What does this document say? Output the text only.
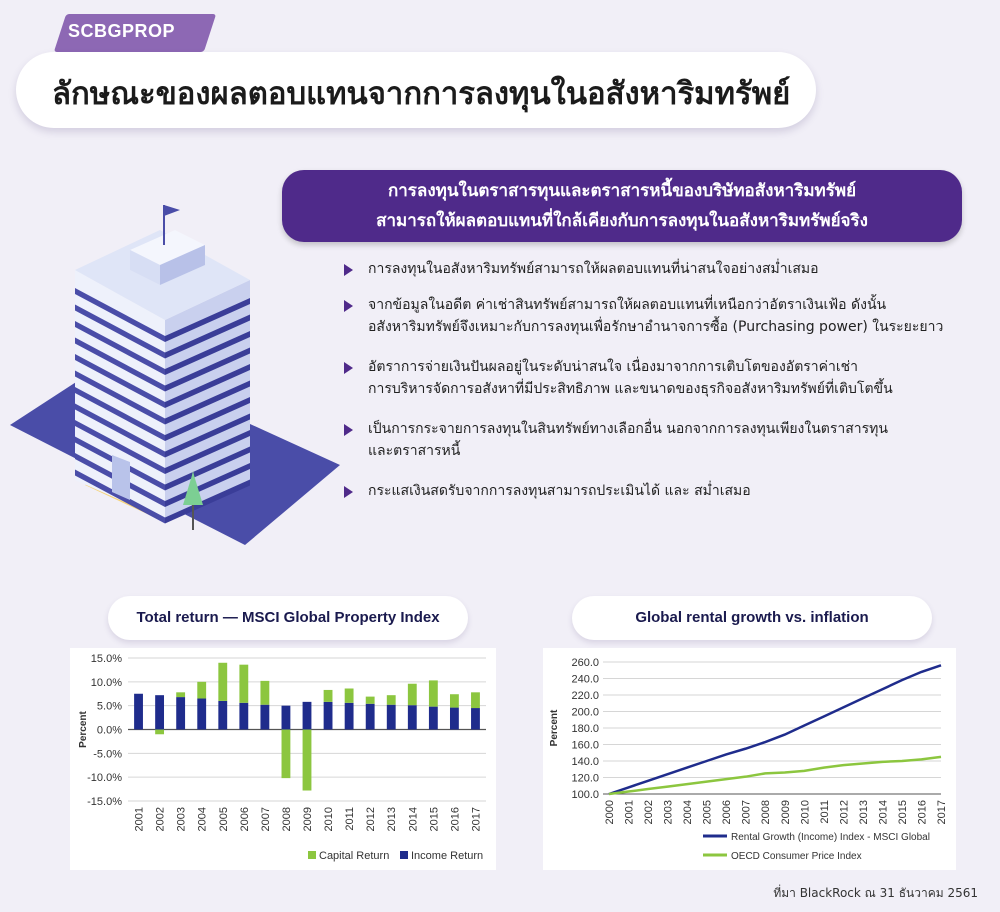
SCBGPROP
ลักษณะของผลตอบแทนจากการลงทุนในอสังหาริมทรัพย์
การลงทุนในตราสารทุนและตราสารหนี้ของบริษัทอสังหาริมทรัพย์
สามารถให้ผลตอบแทนที่ใกล้เคียงกับการลงทุนในอสังหาริมทรัพย์จริง
การลงทุนในอสังหาริมทรัพย์สามารถให้ผลตอบแทนที่น่าสนใจอย่างสม่ำเสมอ
จากข้อมูลในอดีต ค่าเช่าสินทรัพย์สามารถให้ผลตอบแทนที่เหนือกว่าอัตราเงินเฟ้อ ดังนั้น
อสังหาริมทรัพย์จึงเหมาะกับการลงทุนเพื่อรักษาอำนาจการซื้อ (Purchasing power) ในระยะยาว
อัตราการจ่ายเงินปันผลอยู่ในระดับน่าสนใจ เนื่องมาจากการเติบโตของอัตราค่าเช่า
การบริหารจัดการอสังหาที่มีประสิทธิภาพ และขนาดของธุรกิจอสังหาริมทรัพย์ที่เติบโตขึ้น
เป็นการกระจายการลงทุนในสินทรัพย์ทางเลือกอื่น นอกจากการลงทุนเพียงในตราสารทุน
และตราสารหนี้
กระแสเงินสดรับจากการลงทุนสามารถประเมินได้ และ สม่ำเสมอ
Total return — MSCI Global Property Index
15.0%
10.0%
5.0%
0.0%
-5.0%
-10.0%
-15.0%
2001 2002 2003 2004 2005 2006 2007 2008 2009 2010 2011 2012 2013 2014 2015 2016 2017
Percent
Capital Return Income Return
Global rental growth vs. inflation
260.0
240.0
220.0
200.0
180.0
160.0
140.0
120.0
100.0
2000 2001 2002 2003 2004 2005 2006 2007 2008 2009 2010 2011 2012 2013 2014 2015 2016 2017
Percent
Rental Growth (Income) Index - MSCI Global
OECD Consumer Price Index
ที่มา BlackRock ณ 31 ธันวาคม 2561
